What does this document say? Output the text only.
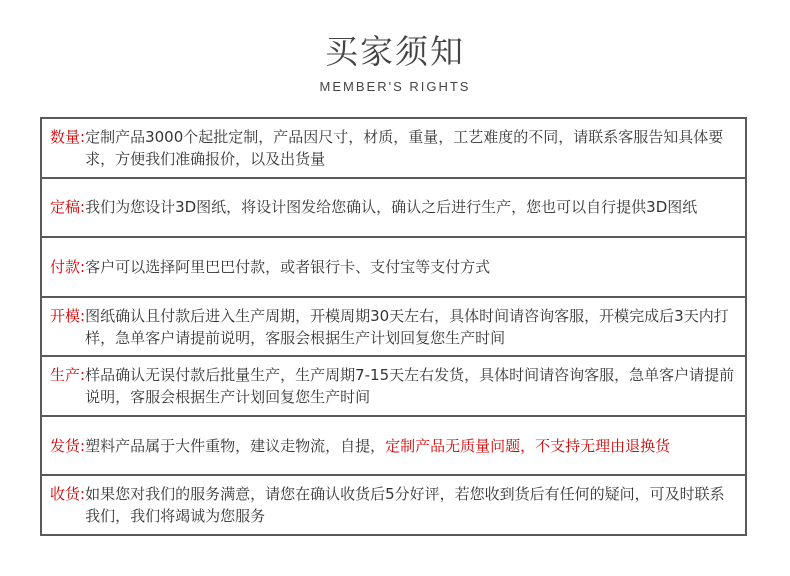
买家须知
MEMBER'S RIGHTS
数量: 定制产品3000个起批定制，产品因尺寸，材质，重量，工艺难度的不同，请联系客服告知具体要求，方便我们准确报价，以及出货量
定稿: 我们为您设计3D图纸，将设计图发给您确认，确认之后进行生产，您也可以自行提供3D图纸
付款: 客户可以选择阿里巴巴付款，或者银行卡、支付宝等支付方式
开模: 图纸确认且付款后进入生产周期，开模周期30天左右，具体时间请咨询客服，开模完成后3天内打样，急单客户请提前说明，客服会根据生产计划回复您生产时间
生产: 样品确认无误付款后批量生产，生产周期7-15天左右发货，具体时间请咨询客服，急单客户请提前说明，客服会根据生产计划回复您生产时间
发货: 塑料产品属于大件重物，建议走物流，自提，定制产品无质量问题，不支持无理由退换货
收货: 如果您对我们的服务满意，请您在确认收货后5分好评，若您收到货后有任何的疑问，可及时联系我们，我们将竭诚为您服务
